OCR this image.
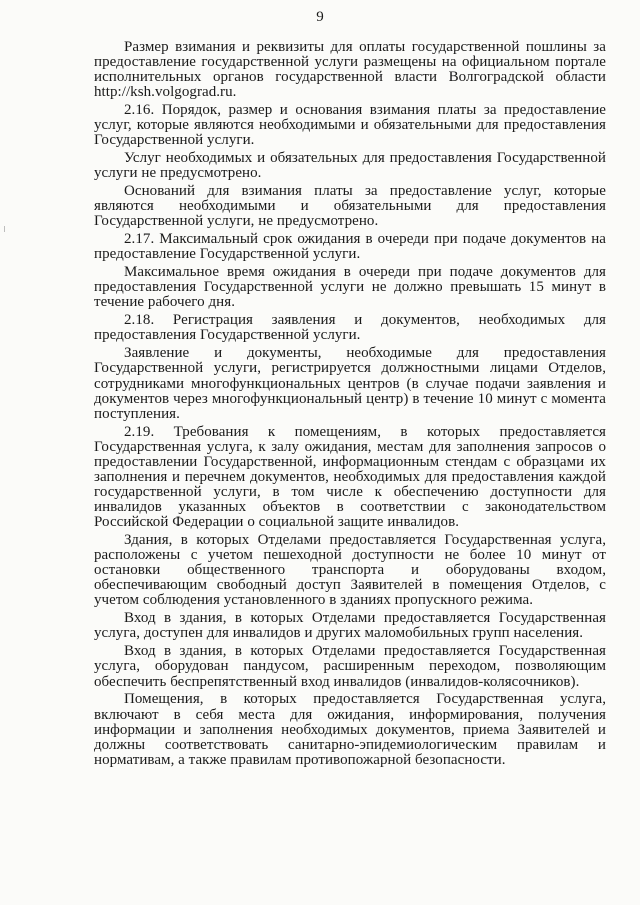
9

Размер взимания и реквизиты для оплаты государственной пошлины за предоставление государственной услуги размещены на официальном портале исполнительных органов государственной власти Волгоградской области http://ksh.volgograd.ru.

2.16. Порядок, размер и основания взимания платы за предоставление услуг, которые являются необходимыми и обязательными для предоставления Государственной услуги.

Услуг необходимых и обязательных для предоставления Государственной услуги не предусмотрено.

Оснований для взимания платы за предоставление услуг, которые являются необходимыми и обязательными для предоставления Государственной услуги, не предусмотрено.

2.17. Максимальный срок ожидания в очереди при подаче документов на предоставление Государственной услуги.

Максимальное время ожидания в очереди при подаче документов для предоставления Государственной услуги не должно превышать 15 минут в течение рабочего дня.

2.18. Регистрация заявления и документов, необходимых для предоставления Государственной услуги.

Заявление и документы, необходимые для предоставления Государственной услуги, регистрируется должностными лицами Отделов, сотрудниками многофункциональных центров (в случае подачи заявления и документов через многофункциональный центр) в течение 10 минут с момента поступления.

2.19. Требования к помещениям, в которых предоставляется Государственная услуга, к залу ожидания, местам для заполнения запросов о предоставлении Государственной, информационным стендам с образцами их заполнения и перечнем документов, необходимых для предоставления каждой государственной услуги, в том числе к обеспечению доступности для инвалидов указанных объектов в соответствии с законодательством Российской Федерации о социальной защите инвалидов.

Здания, в которых Отделами предоставляется Государственная услуга, расположены с учетом пешеходной доступности не более 10 минут от остановки общественного транспорта и оборудованы входом, обеспечивающим свободный доступ Заявителей в помещения Отделов, с учетом соблюдения установленного в зданиях пропускного режима.

Вход в здания, в которых Отделами предоставляется Государственная услуга, доступен для инвалидов и других маломобильных групп населения.

Вход в здания, в которых Отделами предоставляется Государственная услуга, оборудован пандусом, расширенным переходом, позволяющим обеспечить беспрепятственный вход инвалидов (инвалидов-колясочников).

Помещения, в которых предоставляется Государственная услуга, включают в себя места для ожидания, информирования, получения информации и заполнения необходимых документов, приема Заявителей и должны соответствовать санитарно-эпидемиологическим правилам и нормативам, а также правилам противопожарной безопасности.
